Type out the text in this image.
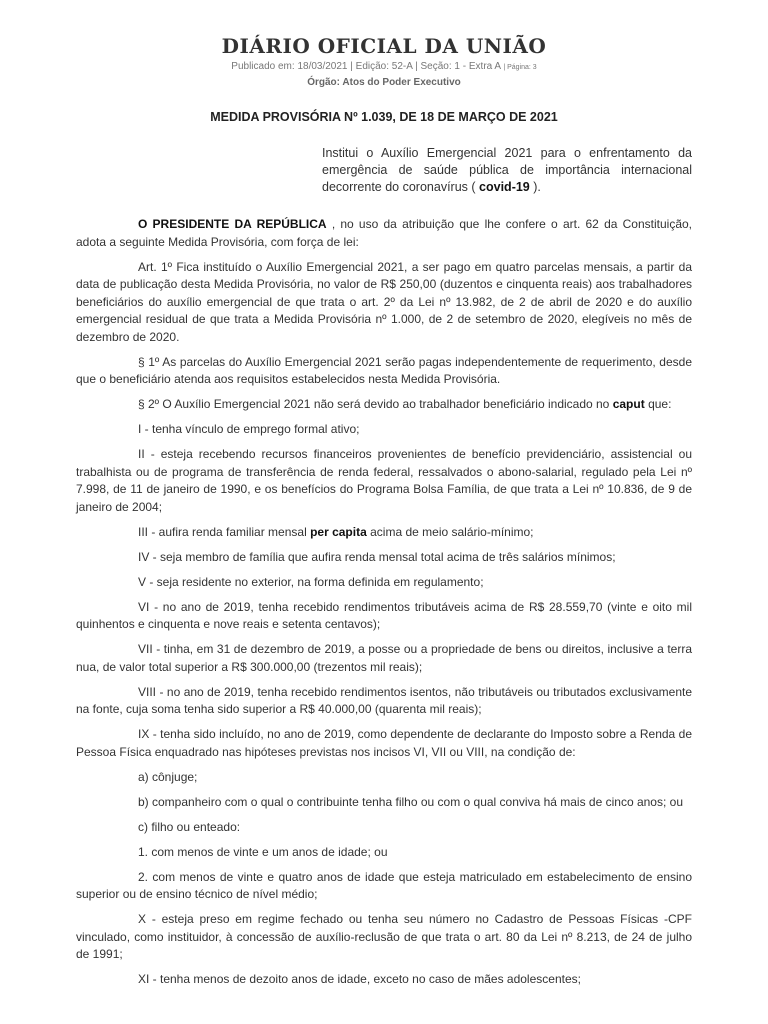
DIÁRIO OFICIAL DA UNIÃO
Publicado em: 18/03/2021 | Edição: 52-A | Seção: 1 - Extra A | Página: 3
Órgão: Atos do Poder Executivo
MEDIDA PROVISÓRIA Nº 1.039, DE 18 DE MARÇO DE 2021
Institui o Auxílio Emergencial 2021 para o enfrentamento da emergência de saúde pública de importância internacional decorrente do coronavírus ( covid-19 ).

O PRESIDENTE DA REPÚBLICA , no uso da atribuição que lhe confere o art. 62 da Constituição, adota a seguinte Medida Provisória, com força de lei:

Art. 1º Fica instituído o Auxílio Emergencial 2021, a ser pago em quatro parcelas mensais, a partir da data de publicação desta Medida Provisória, no valor de R$ 250,00 (duzentos e cinquenta reais) aos trabalhadores beneficiários do auxílio emergencial de que trata o art. 2º da Lei nº 13.982, de 2 de abril de 2020 e do auxílio emergencial residual de que trata a Medida Provisória nº 1.000, de 2 de setembro de 2020, elegíveis no mês de dezembro de 2020.

§ 1º As parcelas do Auxílio Emergencial 2021 serão pagas independentemente de requerimento, desde que o beneficiário atenda aos requisitos estabelecidos nesta Medida Provisória.

§ 2º O Auxílio Emergencial 2021 não será devido ao trabalhador beneficiário indicado no caput que:

I - tenha vínculo de emprego formal ativo;

II - esteja recebendo recursos financeiros provenientes de benefício previdenciário, assistencial ou trabalhista ou de programa de transferência de renda federal, ressalvados o abono-salarial, regulado pela Lei nº 7.998, de 11 de janeiro de 1990, e os benefícios do Programa Bolsa Família, de que trata a Lei nº 10.836, de 9 de janeiro de 2004;

III - aufira renda familiar mensal per capita acima de meio salário-mínimo;

IV - seja membro de família que aufira renda mensal total acima de três salários mínimos;

V - seja residente no exterior, na forma definida em regulamento;

VI - no ano de 2019, tenha recebido rendimentos tributáveis acima de R$ 28.559,70 (vinte e oito mil quinhentos e cinquenta e nove reais e setenta centavos);

VII - tinha, em 31 de dezembro de 2019, a posse ou a propriedade de bens ou direitos, inclusive a terra nua, de valor total superior a R$ 300.000,00 (trezentos mil reais);

VIII - no ano de 2019, tenha recebido rendimentos isentos, não tributáveis ou tributados exclusivamente na fonte, cuja soma tenha sido superior a R$ 40.000,00 (quarenta mil reais);

IX - tenha sido incluído, no ano de 2019, como dependente de declarante do Imposto sobre a Renda de Pessoa Física enquadrado nas hipóteses previstas nos incisos VI, VII ou VIII, na condição de:

a) cônjuge;

b) companheiro com o qual o contribuinte tenha filho ou com o qual conviva há mais de cinco anos; ou

c) filho ou enteado:

1. com menos de vinte e um anos de idade; ou

2. com menos de vinte e quatro anos de idade que esteja matriculado em estabelecimento de ensino superior ou de ensino técnico de nível médio;

X - esteja preso em regime fechado ou tenha seu número no Cadastro de Pessoas Físicas -CPF vinculado, como instituidor, à concessão de auxílio-reclusão de que trata o art. 80 da Lei nº 8.213, de 24 de julho de 1991;

XI - tenha menos de dezoito anos de idade, exceto no caso de mães adolescentes;
